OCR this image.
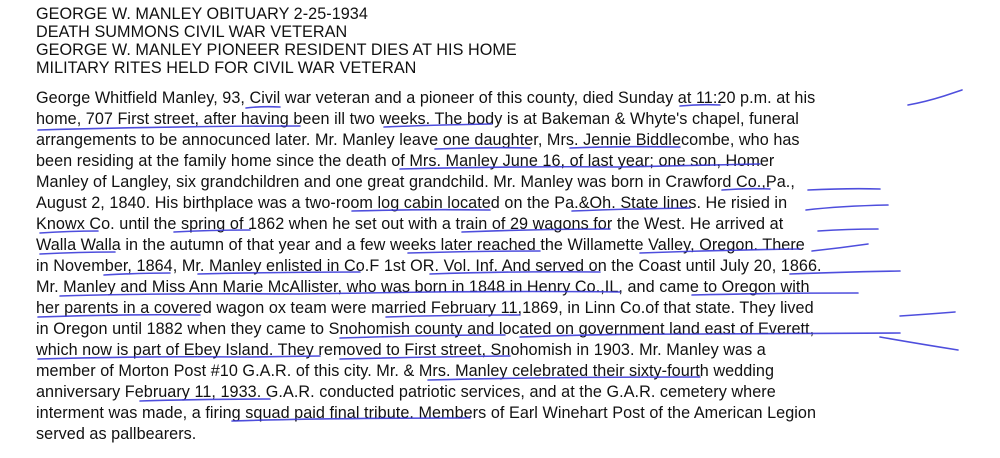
GEORGE W. MANLEY OBITUARY 2-25-1934

DEATH SUMMONS CIVIL WAR VETERAN

GEORGE W. MANLEY PIONEER RESIDENT DIES AT HIS HOME

MILITARY RITES HELD FOR CIVIL WAR VETERAN

George Whitfield Manley, 93, Civil war veteran and a pioneer of this county, died Sunday at 11:20 p.m. at his

home, 707 First street, after having been ill two weeks. The body is at Bakeman & Whyte's chapel, funeral

arrangements to be annocunced later. Mr. Manley leave one daughter, Mrs. Jennie Biddlecombe, who has

been residing at the family home since the death of Mrs. Manley June 16, of last year; one son, Homer

Manley of Langley, six grandchildren and one great grandchild. Mr. Manley was born in Crawford Co.,Pa.,

August 2, 1840. His birthplace was a two-room log cabin located on the Pa.&Oh. State lines. He risied in

Knowx Co. until the spring of 1862 when he set out with a train of 29 wagons for the West. He arrived at

Walla Walla in the autumn of that year and a few weeks later reached the Willamette Valley, Oregon. There

in November, 1864, Mr. Manley enlisted in Co.F 1st OR. Vol. Inf. And served on the Coast until July 20, 1866.

Mr. Manley and Miss Ann Marie McAllister, who was born in 1848 in Henry Co.,IL, and came to Oregon with

her parents in a covered wagon ox team were married February 11,1869, in Linn Co.of that state. They lived

in Oregon until 1882 when they came to Snohomish county and located on government land east of Everett,

which now is part of Ebey Island. They removed to First street, Snohomish in 1903. Mr. Manley was a

member of Morton Post #10 G.A.R. of this city. Mr. & Mrs. Manley celebrated their sixty-fourth wedding

anniversary February 11, 1933. G.A.R. conducted patriotic services, and at the G.A.R. cemetery where

interment was made, a firing squad paid final tribute. Members of Earl Winehart Post of the American Legion

served as pallbearers.
